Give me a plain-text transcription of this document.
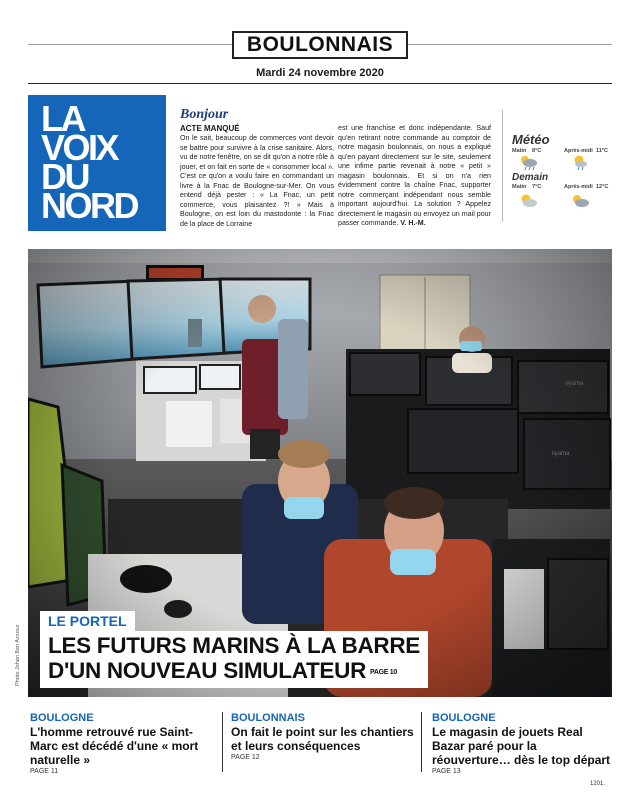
BOULONNAIS
Mardi 24 novembre 2020
LA
VOIX
DU
NORD
Bonjour
ACTE MANQUÉ
On le sait, beaucoup de commerces vont devoir se battre pour survivre à la crise sanitaire. Alors, vu de notre fenêtre, on se dit qu'on a notre rôle à jouer, et on fait en sorte de « consommer local ». C'est ce qu'on a voulu faire en commandant un livre à la Fnac de Boulogne-sur-Mer. On vous entend déjà pester : « La Fnac, un petit commerce, vous plaisantez ?! » Mais à Boulogne, on est loin du mastodonte : la Fnac de la place de Lorraine
est une franchise et donc indépendante. Sauf qu'en retirant notre commande au comptoir de notre magasin boulonnais, on nous a expliqué qu'en payant directement sur le site, seulement une infime partie revenait à notre « petit » magasin boulonnais. Et si on n'a rien évidemment contre la chaîne Fnac, supporter notre commerçant indépendant nous semble important aujourd'hui. La solution ? Appelez directement le magasin ou envoyez un mail pour passer commande. V. H.-M.
Météo
Matin 8°C	Après-midi 11°C
Demain
Matin 7°C	Après-midi 12°C
Photo Johan Ben Azzouz
LE PORTEL
LES FUTURS MARINS À LA BARRE
D'UN NOUVEAU SIMULATEUR PAGE 10
BOULOGNE
L'homme retrouvé rue Saint-Marc est décédé d'une « mort naturelle »
PAGE 11
BOULONNAIS
On fait le point sur les chantiers et leurs conséquences
PAGE 12
BOULOGNE
Le magasin de jouets Real Bazar paré pour la réouverture… dès le top départ
PAGE 13
1201.
